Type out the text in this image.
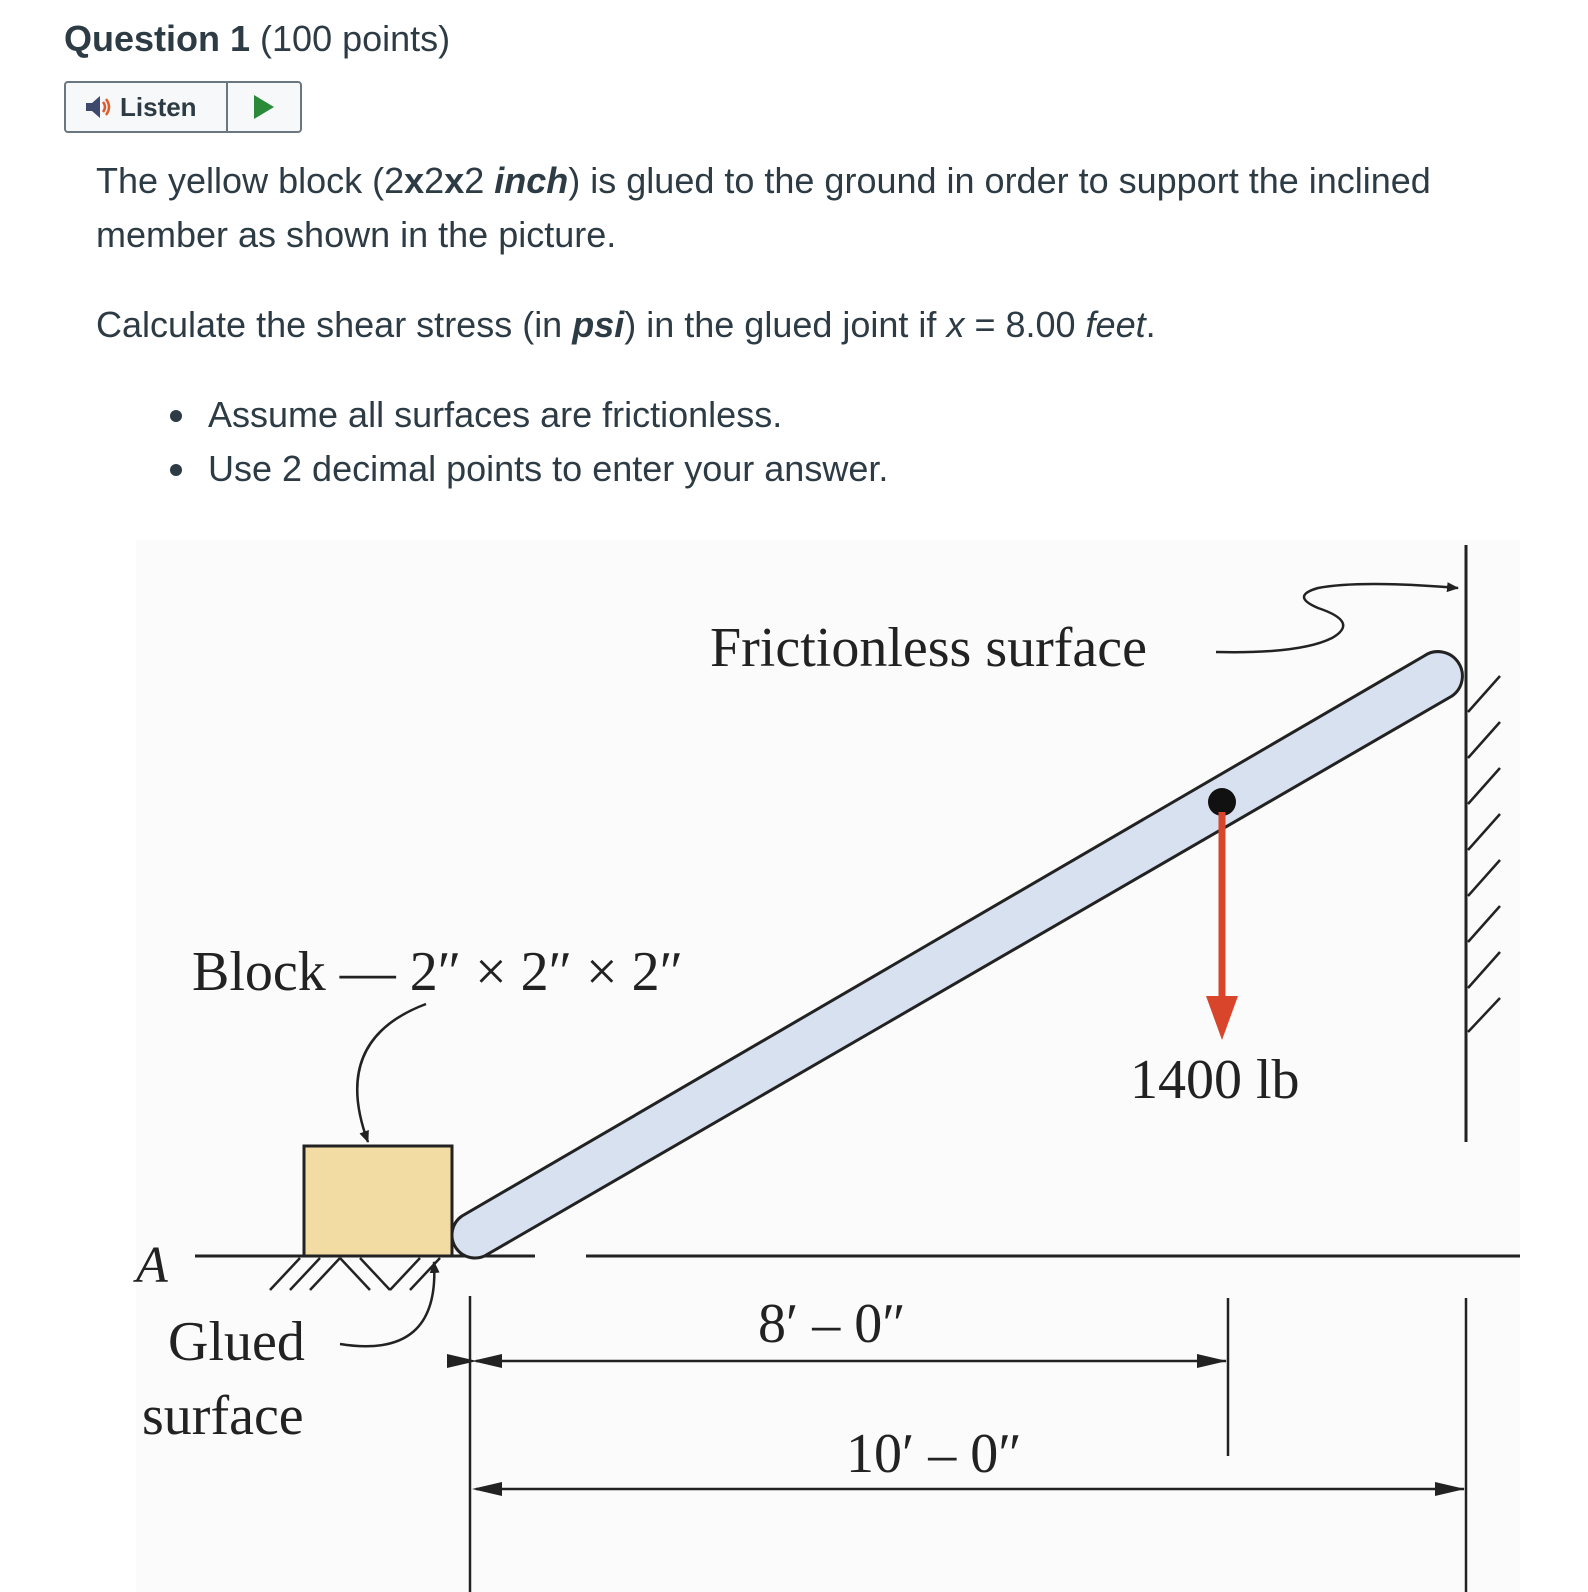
Question 1 (100 points)
Listen

The yellow block (2x2x2 inch) is glued to the ground in order to support the inclined member as shown in the picture.

Calculate the shear stress (in psi) in the glued joint if x = 8.00 feet.

Assume all surfaces are frictionless.
Use 2 decimal points to enter your answer.
Frictionless surface
Block — 2″ × 2″ × 2″
A
Glued
surface
1400 lb
8′ – 0″
10′ – 0″
